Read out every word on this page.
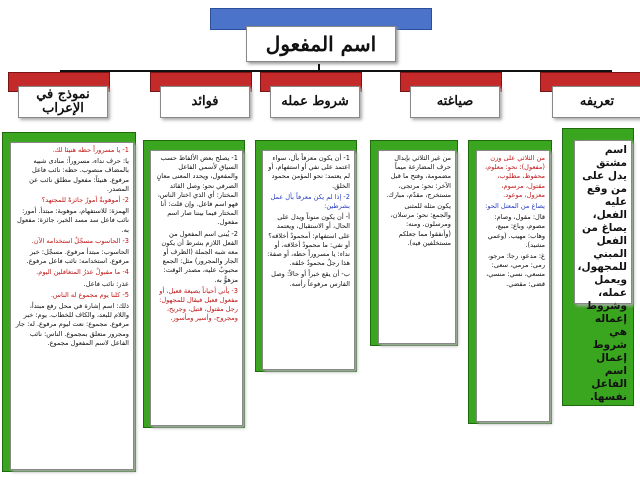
اسم المفعول
تعريفه
صياغته
شروط عمله
فوائد
نموذج في الإعراب

اسم مشتق يدل على من وقع عليه الفعل، يصاغ من الفعل المبني للمجهول، ويعمل عمله، وشروط إعماله هي شروط إعمال اسم الفاعل نفسها.

من الثلاثي على وزن (مفعول): نحو: معلوم، محفوظ، مطلوب، مقتول، مرسوم، معزول، موعود.

يصاغ من المعتل الحو:

قال: مقول، وصام: مصوم، وباع: مبيع، وهاب: مهيب. (وعمي مشيد).

غ: مدعو، رجا: مرجو، رمى: مرمي، سعى: مسعي، نسي: منسي، قضى: مقضي.

من غير الثلاثي بإبدال حرف المضارعة ميماً مضمومة، وفتح ما قبل الآخر: نحو: مرتجى، مستخرج، مقدّم، مبارك.

يكون مثله للمثنى والجمع: نحو: مرسلان، ومرسلون. ومنه: (وأنفقوا مما جعلكم مستخلفين فيه).

1- أن يكون معرفاً بأل، سواء اعتمد على نفي أو استفهام، أو لم يعتمد: نحو المؤمن محمود الخلق.

2- إذا لم يكن معرفاً بأل عمل بشرطين:

أ- أن يكون منوناً ويدل على الحال، أو الاستقبال، ويعتمد على استفهام: أمحمودٌ أخلاقه؟ أو نفي: ما محمودٌ أخلاقه، أو نداء: يا مسروراً حظه، أو صفة: هذا رجلٌ محمودٌ خلقه.

ب- أن يقع خبراً أو حالاً: وصل الفارس مرفوعاً رأسه.

1- يصلح بعض الألفاظ حسب السياق لأسمي الفاعل والمفعول، ويحدد المعنى معانٍ الصرفي نحو: وصل القائد المختار: أي الذي اختار الناس، فهو اسم فاعل. وإن قلت: أنا المختار فيما بيننا صار اسم مفعول.

2- يُبنى اسم المفعول من الفعل اللازم بشرط أن يكون معه شبه الجملة (الظرف أو الجار والمجرور) مثل: الجمع محبوبٌ عليه، مصدر الوقت: مزهوٌّ به.

3- يأتي أحياناً بصيغة فعيل، أو مفعول فعيل فيقال للمجهول: رجل مقتول، قتيل، وجريح، ومجروح، وأسير ومأسور.

1- يا مسروراً حظه هنيئا لك.

يا: حرف نداء، مسروراً: منادى شبيه بالمضاف منصوب. حظه: نائب فاعل مرفوع. هنيئاً: مفعول مطلق نائب عن المصدر.

2- أموهوبةٌ أمورٌ جائزةً للمجتهد؟

الهمزة: للاستفهام، موهوبة: مبتدأ. أمور: نائب فاعل سد مسد الخبر، جائزة: مفعول به.

3- الحاسوب مسجّلٌ استخدامه الآن.

الحاسوب: مبتدأ مرفوع. مسجّل: خبر مرفوع. استخدامه: نائب فاعل مرفوع.

4- ما مقبولٌ عذرُ المتغافلين اليوم.

عذر: نائب فاعل.

5- كلنا يوم مجموع له الناس.

ذلك: اسم إشارة في محل رفع مبتدأ، واللام للبعد، والكاف للخطاب. يوم: خبر مرفوع. مجموع: نعت ليوم مرفوع. له: جار ومجرور متعلق بمجموع. الناس: نائب الفاعل لاسم المفعول مجموع.
